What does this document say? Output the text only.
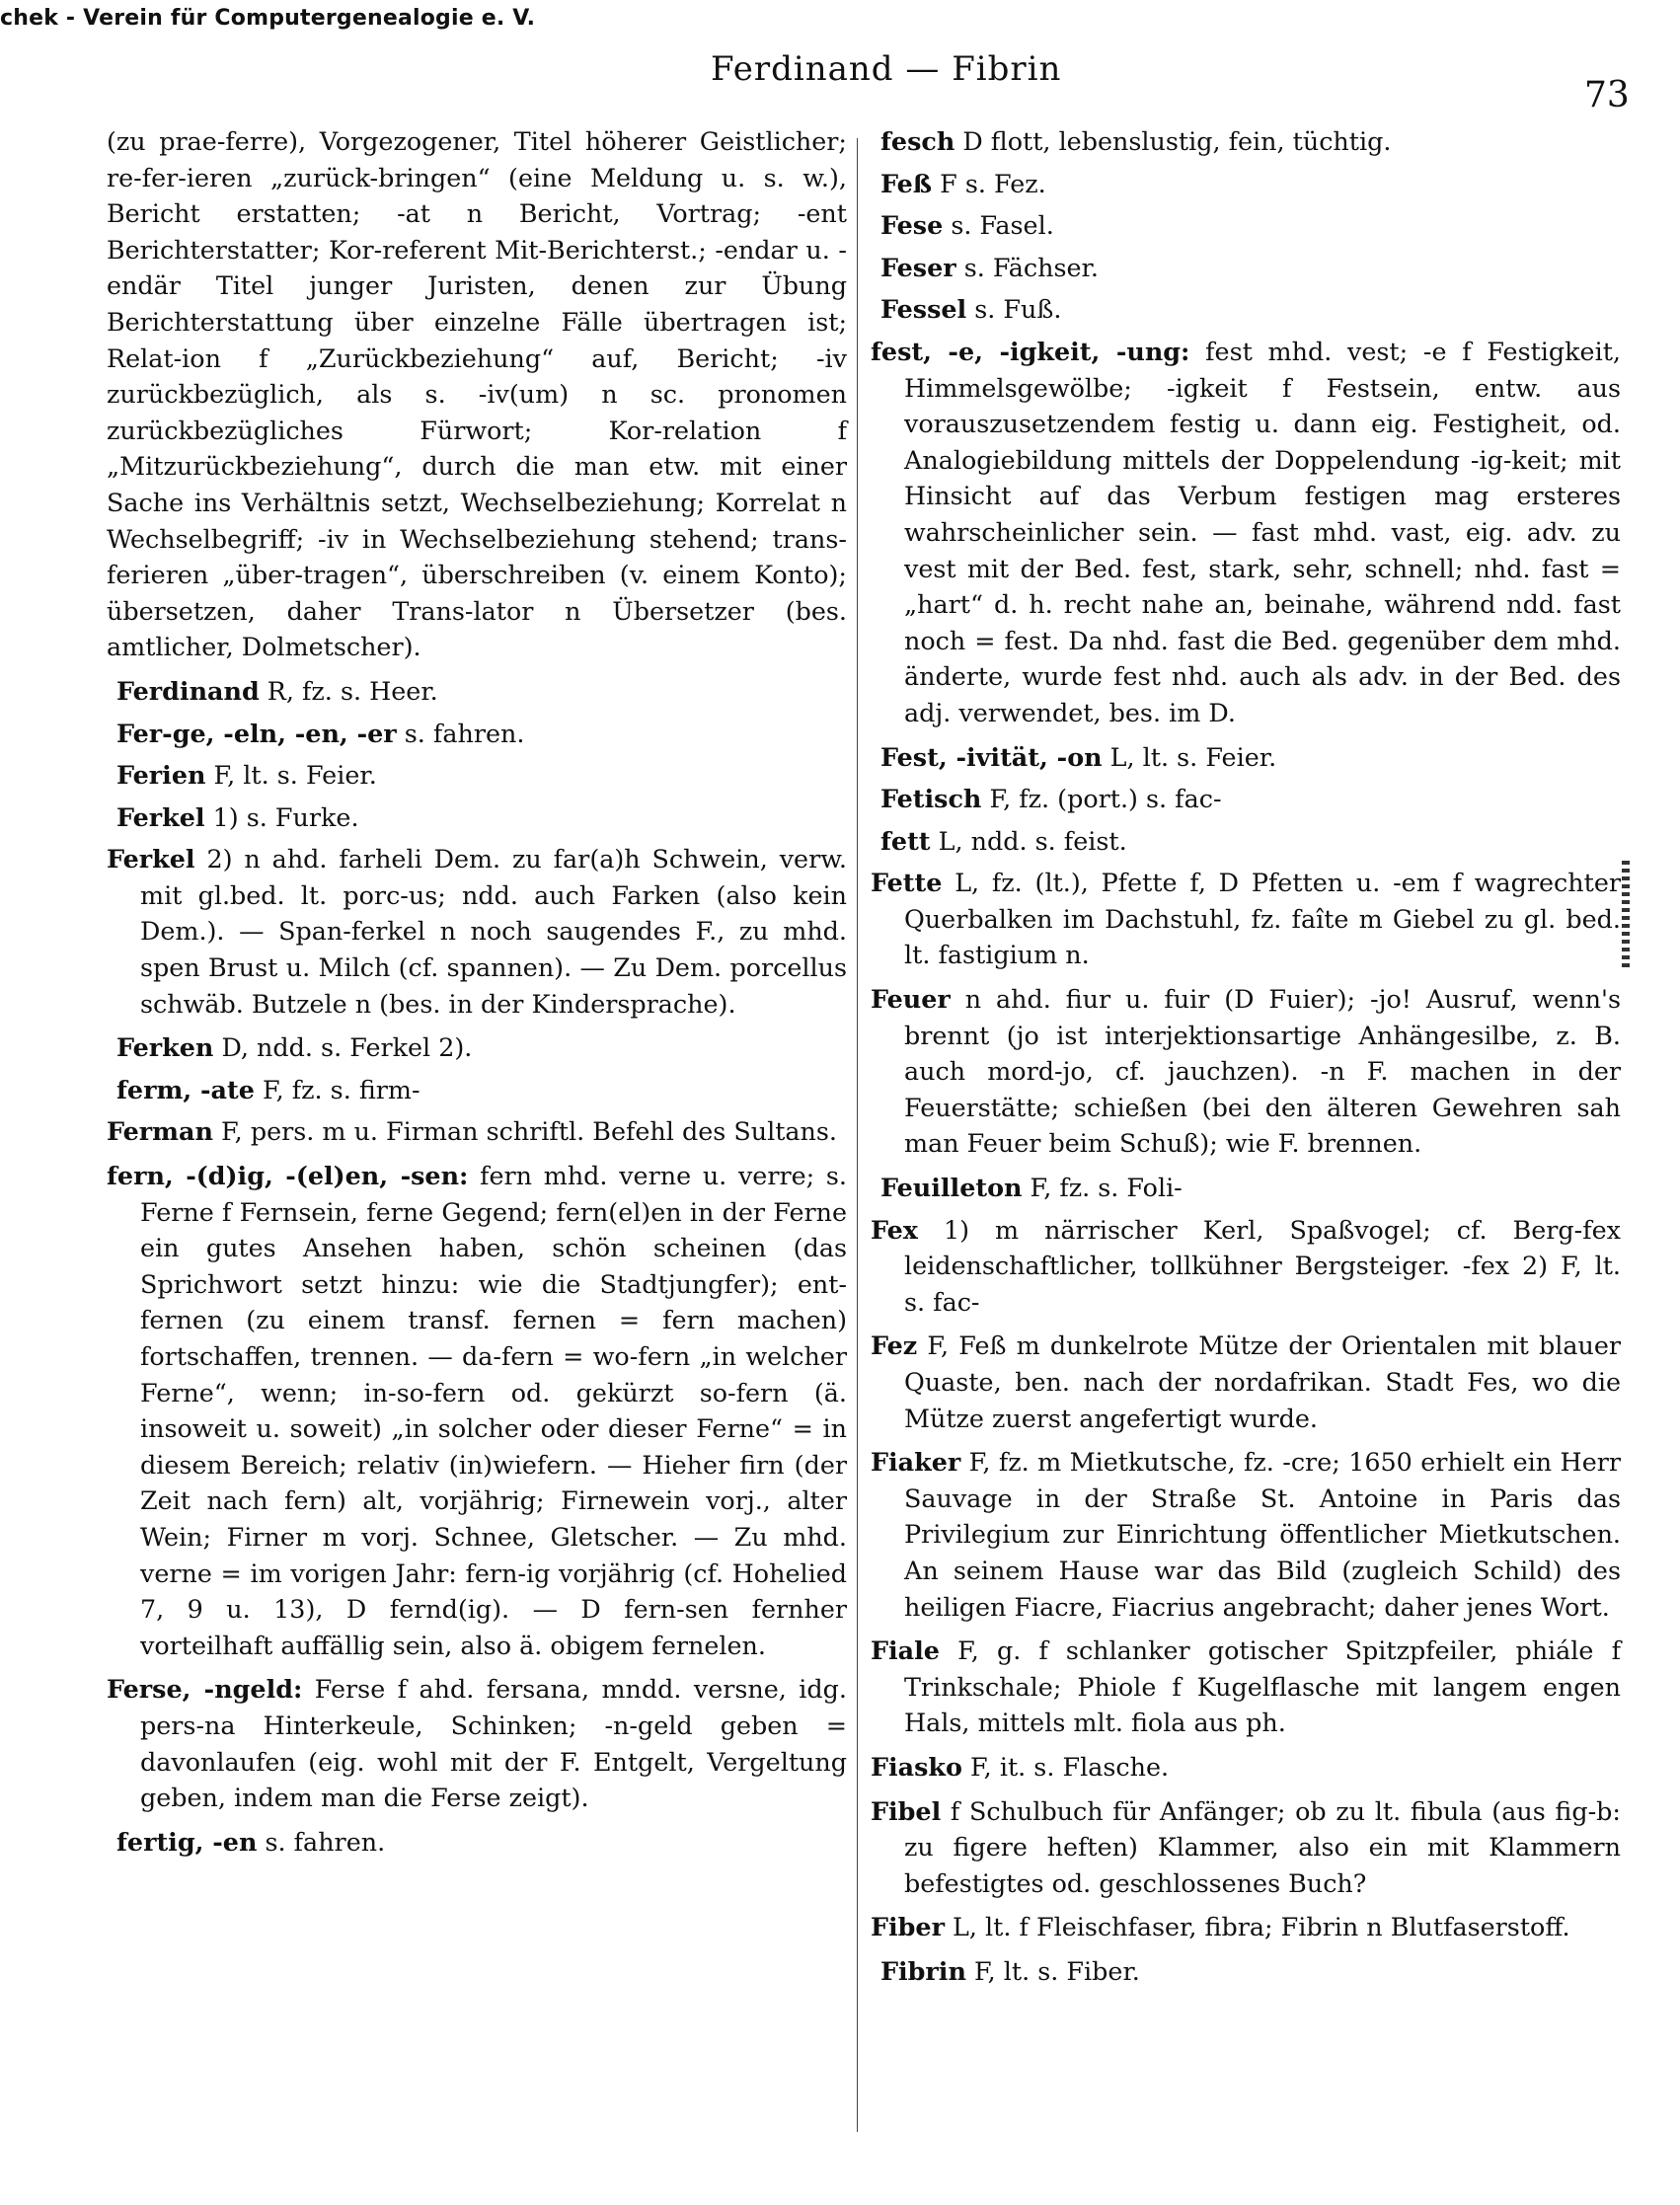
chek - Verein für Computergenealogie e. V.
Ferdinand — Fibrin
73

(zu prae-ferre), Vorgezogener, Titel höherer Geistlicher; re-fer-ieren „zurück-bringen“ (eine Meldung u. s. w.), Bericht erstatten; -at n Bericht, Vortrag; -ent Berichterstatter; Kor-referent Mit-Berichterst.; -endar u. -endär Titel junger Juristen, denen zur Übung Berichterstattung über einzelne Fälle übertragen ist; Relat-ion f „Zurückbeziehung“ auf, Bericht; -iv zurückbezüglich, als s. -iv(um) n sc. pronomen zurückbezügliches Fürwort; Kor-relation f „Mitzurückbeziehung“, durch die man etw. mit einer Sache ins Verhältnis setzt, Wechselbeziehung; Korrelat n Wechselbegriff; -iv in Wechselbeziehung stehend; trans-ferieren „über-tragen“, überschreiben (v. einem Konto); übersetzen, daher Trans-lator n Übersetzer (bes. amtlicher, Dolmetscher).

Ferdinand R, fz. s. Heer.

Fer-ge, -eln, -en, -er s. fahren.

Ferien F, lt. s. Feier.

Ferkel 1) s. Furke.

Ferkel 2) n ahd. farheli Dem. zu far(a)h Schwein, verw. mit gl.bed. lt. porc-us; ndd. auch Farken (also kein Dem.). — Span-ferkel n noch saugendes F., zu mhd. spen Brust u. Milch (cf. spannen). — Zu Dem. porcellus schwäb. Butzele n (bes. in der Kindersprache).

Ferken D, ndd. s. Ferkel 2).

ferm, -ate F, fz. s. firm-

Ferman F, pers. m u. Firman schriftl. Befehl des Sultans.

fern, -(d)ig, -(el)en, -sen: fern mhd. verne u. verre; s. Ferne f Fernsein, ferne Gegend; fern(el)en in der Ferne ein gutes Ansehen haben, schön scheinen (das Sprichwort setzt hinzu: wie die Stadtjungfer); ent-fernen (zu einem transf. fernen = fern machen) fortschaffen, trennen. — da-fern = wo-fern „in welcher Ferne“, wenn; in-so-fern od. gekürzt so-fern (ä. insoweit u. soweit) „in solcher oder dieser Ferne“ = in diesem Bereich; relativ (in)wiefern. — Hieher firn (der Zeit nach fern) alt, vorjährig; Firnewein vorj., alter Wein; Firner m vorj. Schnee, Gletscher. — Zu mhd. verne = im vorigen Jahr: fern-ig vorjährig (cf. Hohelied 7, 9 u. 13), D fernd(ig). — D fern-sen fernher vorteilhaft auffällig sein, also ä. obigem fernelen.

Ferse, -ngeld: Ferse f ahd. fersana, mndd. versne, idg. pers-na Hinterkeule, Schinken; -n-geld geben = davonlaufen (eig. wohl mit der F. Entgelt, Vergeltung geben, indem man die Ferse zeigt).

fertig, -en s. fahren.

fesch D flott, lebenslustig, fein, tüchtig.

Feß F s. Fez.

Fese s. Fasel.

Feser s. Fächser.

Fessel s. Fuß.

fest, -e, -igkeit, -ung: fest mhd. vest; -e f Festigkeit, Himmelsgewölbe; -igkeit f Festsein, entw. aus vorauszusetzendem festig u. dann eig. Festigheit, od. Analogiebildung mittels der Doppelendung -ig-keit; mit Hinsicht auf das Verbum festigen mag ersteres wahrscheinlicher sein. — fast mhd. vast, eig. adv. zu vest mit der Bed. fest, stark, sehr, schnell; nhd. fast = „hart“ d. h. recht nahe an, beinahe, während ndd. fast noch = fest. Da nhd. fast die Bed. gegenüber dem mhd. änderte, wurde fest nhd. auch als adv. in der Bed. des adj. verwendet, bes. im D.

Fest, -ivität, -on L, lt. s. Feier.

Fetisch F, fz. (port.) s. fac-

fett L, ndd. s. feist.

Fette L, fz. (lt.), Pfette f, D Pfetten u. -em f wagrechter Querbalken im Dachstuhl, fz. faîte m Giebel zu gl. bed. lt. fastigium n.

Feuer n ahd. fiur u. fuir (D Fuier); -jo! Ausruf, wenn's brennt (jo ist interjektionsartige Anhängesilbe, z. B. auch mord-jo, cf. jauchzen). -n F. machen in der Feuerstätte; schießen (bei den älteren Gewehren sah man Feuer beim Schuß); wie F. brennen.

Feuilleton F, fz. s. Foli-

Fex 1) m närrischer Kerl, Spaßvogel; cf. Berg-fex leidenschaftlicher, tollkühner Bergsteiger. -fex 2) F, lt. s. fac-

Fez F, Feß m dunkelrote Mütze der Orientalen mit blauer Quaste, ben. nach der nordafrikan. Stadt Fes, wo die Mütze zuerst angefertigt wurde.

Fiaker F, fz. m Mietkutsche, fz. -cre; 1650 erhielt ein Herr Sauvage in der Straße St. Antoine in Paris das Privilegium zur Einrichtung öffentlicher Mietkutschen. An seinem Hause war das Bild (zugleich Schild) des heiligen Fiacre, Fiacrius angebracht; daher jenes Wort.

Fiale F, g. f schlanker gotischer Spitzpfeiler, phiále f Trinkschale; Phiole f Kugelflasche mit langem engen Hals, mittels mlt. fiola aus ph.

Fiasko F, it. s. Flasche.

Fibel f Schulbuch für Anfänger; ob zu lt. fibula (aus fig-b: zu figere heften) Klammer, also ein mit Klammern befestigtes od. geschlossenes Buch?

Fiber L, lt. f Fleischfaser, fibra; Fibrin n Blutfaserstoff.

Fibrin F, lt. s. Fiber.
